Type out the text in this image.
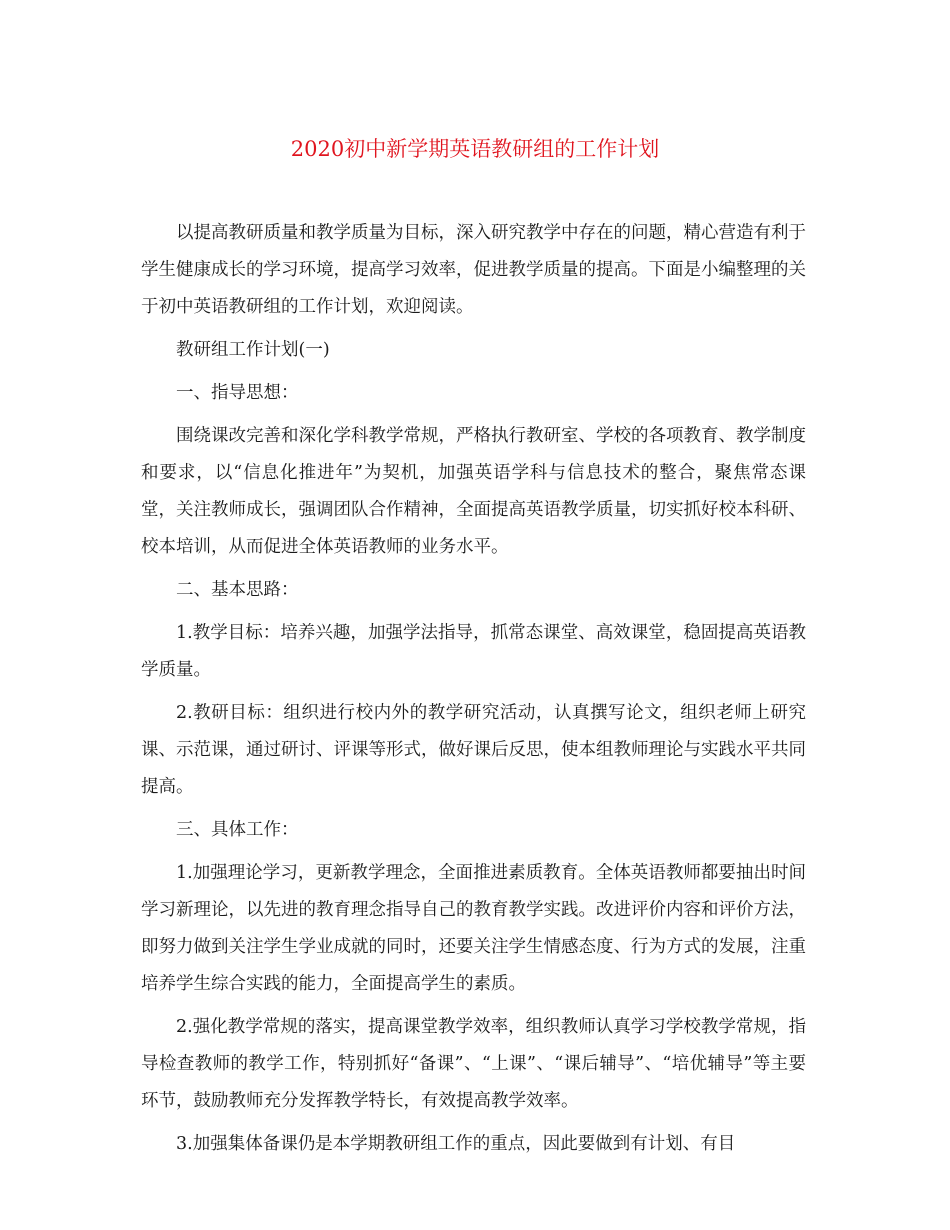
2020初中新学期英语教研组的工作计划

以提高教研质量和教学质量为目标，深入研究教学中存在的问题，精心营造有利于学生健康成长的学习环境，提高学习效率，促进教学质量的提高。下面是小编整理的关于初中英语教研组的工作计划，欢迎阅读。

教研组工作计划(一)

一、指导思想：

围绕课改完善和深化学科教学常规，严格执行教研室、学校的各项教育、教学制度和要求，以“信息化推进年”为契机，加强英语学科与信息技术的整合，聚焦常态课堂，关注教师成长，强调团队合作精神，全面提高英语教学质量，切实抓好校本科研、校本培训，从而促进全体英语教师的业务水平。

二、基本思路：

1.教学目标：培养兴趣，加强学法指导，抓常态课堂、高效课堂，稳固提高英语教学质量。

2.教研目标：组织进行校内外的教学研究活动，认真撰写论文，组织老师上研究课、示范课，通过研讨、评课等形式，做好课后反思，使本组教师理论与实践水平共同提高。

三、具体工作：

1.加强理论学习，更新教学理念，全面推进素质教育。全体英语教师都要抽出时间学习新理论，以先进的教育理念指导自己的教育教学实践。改进评价内容和评价方法，即努力做到关注学生学业成就的同时，还要关注学生情感态度、行为方式的发展，注重培养学生综合实践的能力，全面提高学生的素质。

2.强化教学常规的落实，提高课堂教学效率，组织教师认真学习学校教学常规，指导检查教师的教学工作，特别抓好“备课”、“上课”、“课后辅导”、“培优辅导”等主要环节，鼓励教师充分发挥教学特长，有效提高教学效率。

3.加强集体备课仍是本学期教研组工作的重点，因此要做到有计划、有目
